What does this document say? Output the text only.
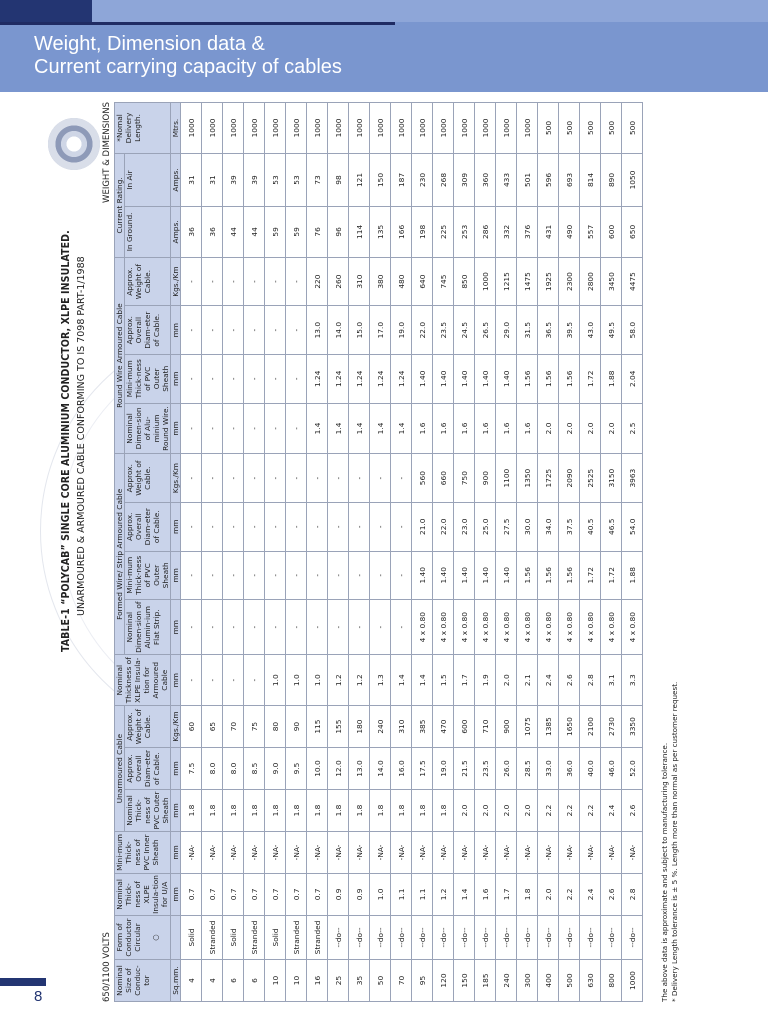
Weight, Dimension data &
Current carrying capacity of cables
TABLE-1 “POLYCAB” SINGLE CORE ALUMINIUM CONDUCTOR, XLPE INSULATED. UNARMOURED & ARMOURED CABLE CONFORMING TO IS 7098 PART-1/1988
650/1100 VOLTS
WEIGHT & DIMENSIONS
Nominal Size of Conduc-tor	Form of Conductor Circular ○	Nominal Thick-ness of XLPE Insula-tion for U/A	Mini-mum Thick-ness of PVC Inner Sheath	Unarmoured Cable			Nominal Thickness of XLPE Insula-tion for Armoured Cable	Formed Wire/ Strip Armoured Cable				Round Wire Armoured Cable				Current Rating.		*Nomal Delivery Length.
				Nominal Thick-ness of PVC Outer Sheath	Approx. Overall Diam-eter of Cable.	Approx. Weight of Cable.		Nominal Dimen-sion of Alumin-ium Flat Strip.	Mini-mum Thick-ness of PVC Outer Sheath	Approx. Overall Diam-eter of Cable.	Approx. Weight of Cable.	Nominal Dimen-sion of Alu-minium Round Wire.	Mini-mum Thick-ness of PVC Outer Sheath	Approx. Overall Diam-eter of Cable.	Approx. Weight of Cable.	In Ground.	In Air	
Sq.mm.		mm	mm	mm	mm	Kgs./Km	mm	mm	mm	mm	Kgs./Km	mm	mm	mm	Kgs./Km	Amps.	Amps.	Mtrs.
4	Solid	0.7	-NA-	1.8	7.5	60	-	-	-	-	-	-	-	-	-	36	31	1000
4	Stranded	0.7	-NA-	1.8	8.0	65	-	-	-	-	-	-	-	-	-	36	31	1000
6	Solid	0.7	-NA-	1.8	8.0	70	-	-	-	-	-	-	-	-	-	44	39	1000
6	Stranded	0.7	-NA-	1.8	8.5	75	-	-	-	-	-	-	-	-	-	44	39	1000
10	Solid	0.7	-NA-	1.8	9.0	80	1.0	-	-	-	-	-	-	-	-	59	53	1000
10	Stranded	0.7	-NA-	1.8	9.5	90	1.0	-	-	-	-	-	-	-	-	59	53	1000
16	Stranded	0.7	-NA-	1.8	10.0	115	1.0	-	-	-	-	1.4	1.24	13.0	220	76	73	1000
25	--do--	0.9	-NA-	1.8	12.0	155	1.2	-	-	-	-	1.4	1.24	14.0	260	96	98	1000
35	--do--	0.9	-NA-	1.8	13.0	180	1.2	-	-	-	-	1.4	1.24	15.0	310	114	121	1000
50	--do--	1.0	-NA-	1.8	14.0	240	1.3	-	-	-	-	1.4	1.24	17.0	380	135	150	1000
70	--do--	1.1	-NA-	1.8	16.0	310	1.4	-	-	-	-	1.4	1.24	19.0	480	166	187	1000
95	--do--	1.1	-NA-	1.8	17.5	385	1.4	4 x 0.80	1.40	21.0	560	1.6	1.40	22.0	640	198	230	1000
120	--do--	1.2	-NA-	1.8	19.0	470	1.5	4 x 0.80	1.40	22.0	660	1.6	1.40	23.5	745	225	268	1000
150	--do--	1.4	-NA-	2.0	21.5	600	1.7	4 x 0.80	1.40	23.0	750	1.6	1.40	24.5	850	253	309	1000
185	--do--	1.6	-NA-	2.0	23.5	710	1.9	4 x 0.80	1.40	25.0	900	1.6	1.40	26.5	1000	286	360	1000
240	--do--	1.7	-NA-	2.0	26.0	900	2.0	4 x 0.80	1.40	27.5	1100	1.6	1.40	29.0	1215	332	433	1000
300	--do--	1.8	-NA-	2.0	28.5	1075	2.1	4 x 0.80	1.56	30.0	1350	1.6	1.56	31.5	1475	376	501	1000
400	--do--	2.0	-NA-	2.2	33.0	1385	2.4	4 x 0.80	1.56	34.0	1725	2.0	1.56	36.5	1925	431	596	500
500	--do--	2.2	-NA-	2.2	36.0	1650	2.6	4 x 0.80	1.56	37.5	2090	2.0	1.56	39.5	2300	490	693	500
630	--do--	2.4	-NA-	2.2	40.0	2100	2.8	4 x 0.80	1.72	40.5	2525	2.0	1.72	43.0	2800	557	814	500
800	--do--	2.6	-NA-	2.4	46.0	2730	3.1	4 x 0.80	1.72	46.5	3150	2.0	1.88	49.5	3450	600	890	500
1000	--do--	2.8	-NA-	2.6	52.0	3350	3.3	4 x 0.80	1.88	54.0	3963	2.5	2.04	58.0	4475	650	1050	500
The above data is approximate and subject to manufacturing tolerance. * Delivery Length tolerance is ± 5 %. Length more than normal as per customer request.
8
